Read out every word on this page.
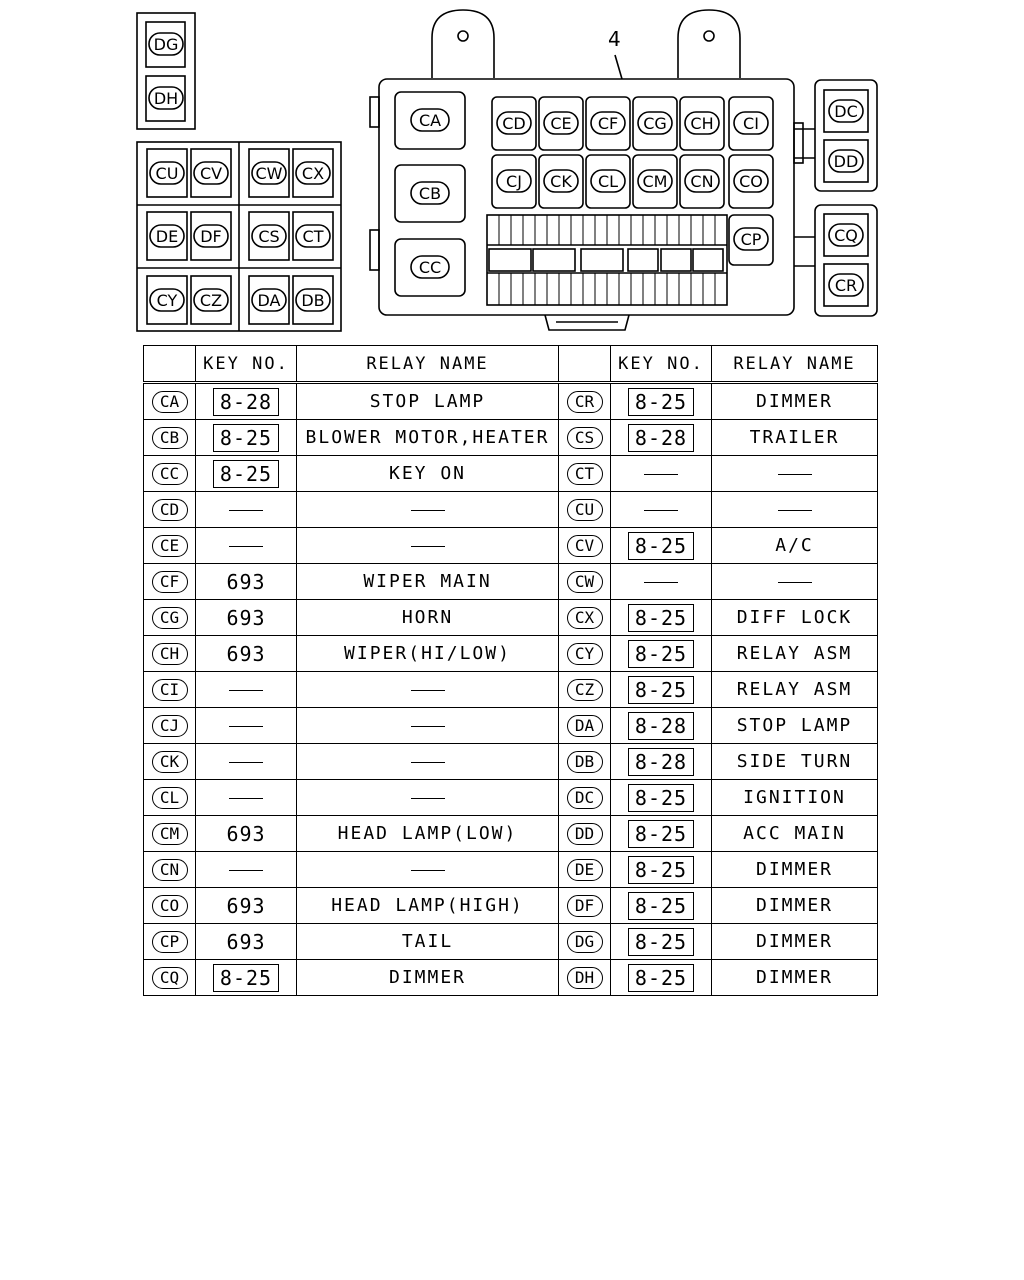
4
DG
DH
CU CV CW CX
DE DF CS CT
CY CZ DA DB
CA
CB
CC
CD CE CF CG CH CI
CJ CK CL CM CN CO
CP
DC
DD
CQ
CR
	KEY NO.	RELAY NAME		KEY NO.	RELAY NAME
CA	8-28	STOP LAMP	CR	8-25	DIMMER
CB	8-25	BLOWER MOTOR,HEATER	CS	8-28	TRAILER
CC	8-25	KEY ON	CT		
CD			CU		
CE			CV	8-25	A/C
CF	693	WIPER MAIN	CW		
CG	693	HORN	CX	8-25	DIFF LOCK
CH	693	WIPER(HI/LOW)	CY	8-25	RELAY ASM
CI			CZ	8-25	RELAY ASM
CJ			DA	8-28	STOP LAMP
CK			DB	8-28	SIDE TURN
CL			DC	8-25	IGNITION
CM	693	HEAD LAMP(LOW)	DD	8-25	ACC MAIN
CN			DE	8-25	DIMMER
CO	693	HEAD LAMP(HIGH)	DF	8-25	DIMMER
CP	693	TAIL	DG	8-25	DIMMER
CQ	8-25	DIMMER	DH	8-25	DIMMER
